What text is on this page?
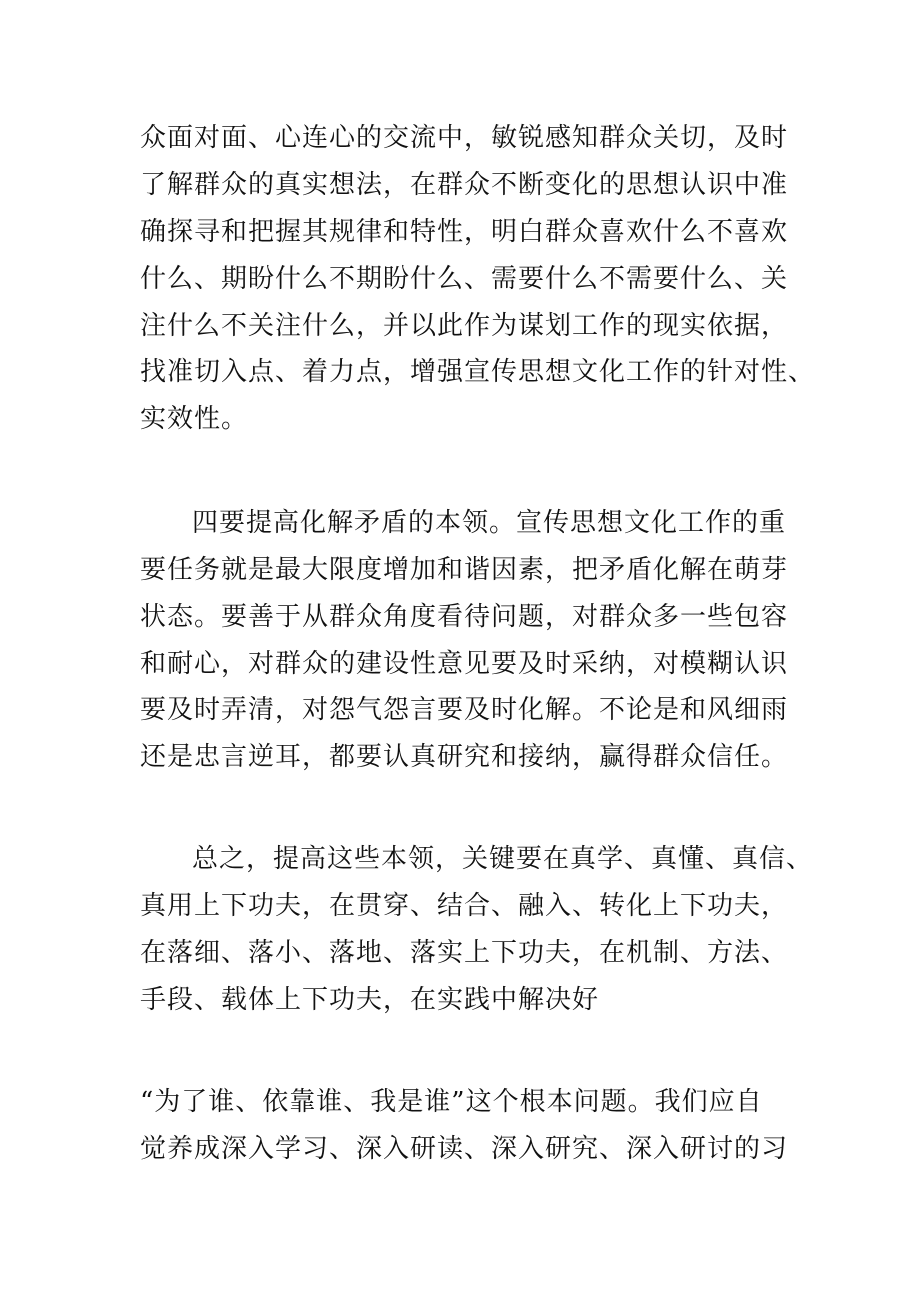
众面对面、心连心的交流中，敏锐感知群众关切，及时

了解群众的真实想法，在群众不断变化的思想认识中准

确探寻和把握其规律和特性，明白群众喜欢什么不喜欢

什么、期盼什么不期盼什么、需要什么不需要什么、关

注什么不关注什么，并以此作为谋划工作的现实依据，

找准切入点、着力点，增强宣传思想文化工作的针对性、

实效性。

四要提高化解矛盾的本领。宣传思想文化工作的重

要任务就是最大限度增加和谐因素，把矛盾化解在萌芽

状态。要善于从群众角度看待问题，对群众多一些包容

和耐心，对群众的建设性意见要及时采纳，对模糊认识

要及时弄清，对怨气怨言要及时化解。不论是和风细雨

还是忠言逆耳，都要认真研究和接纳，赢得群众信任。

总之，提高这些本领，关键要在真学、真懂、真信、

真用上下功夫，在贯穿、结合、融入、转化上下功夫，

在落细、落小、落地、落实上下功夫，在机制、方法、

手段、载体上下功夫，在实践中解决好

“为了谁、依靠谁、我是谁”这个根本问题。我们应自

觉养成深入学习、深入研读、深入研究、深入研讨的习
